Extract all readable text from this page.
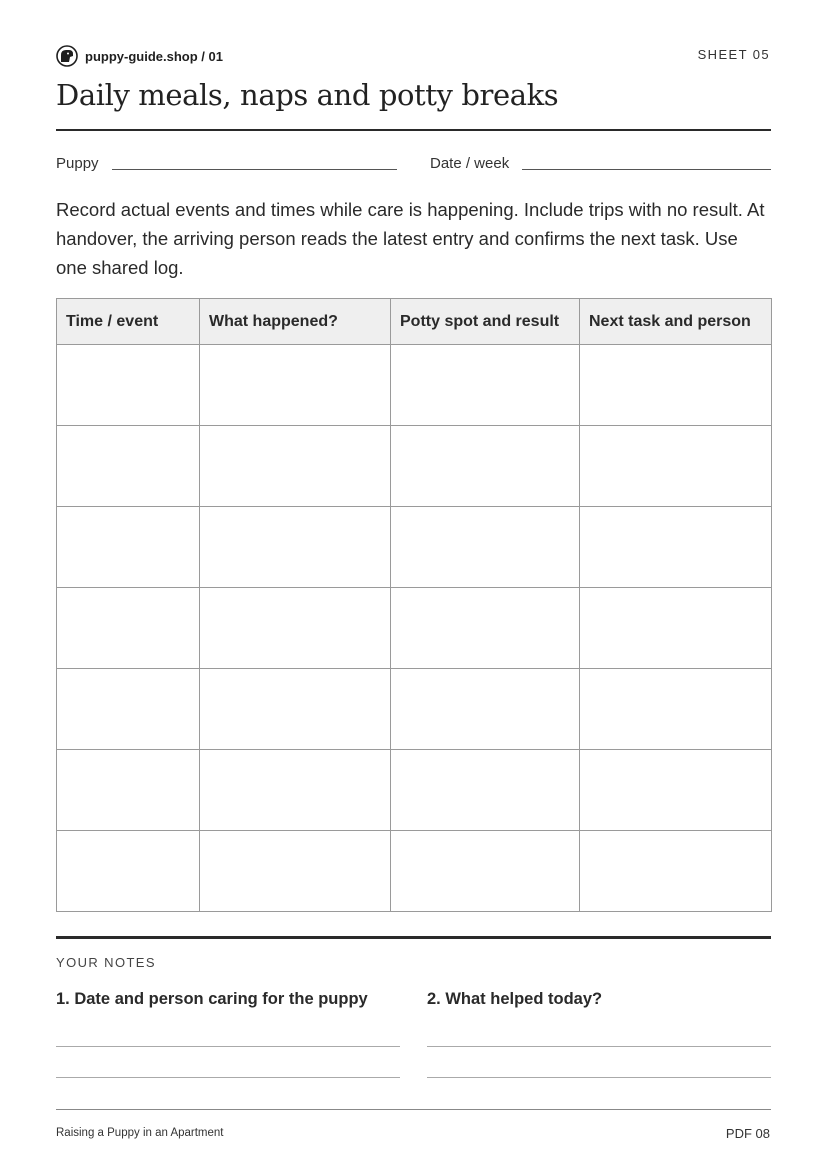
puppy-guide.shop / 01	SHEET 05
Daily meals, naps and potty breaks
Puppy	Date / week

Record actual events and times while care is happening. Include trips with no result. At handover, the arriving person reads the latest entry and confirms the next task. Use one shared log.

Time / event	What happened?	Potty spot and result	Next task and person

YOUR NOTES
1. Date and person caring for the puppy	2. What helped today?
Raising a Puppy in an Apartment	PDF 08
